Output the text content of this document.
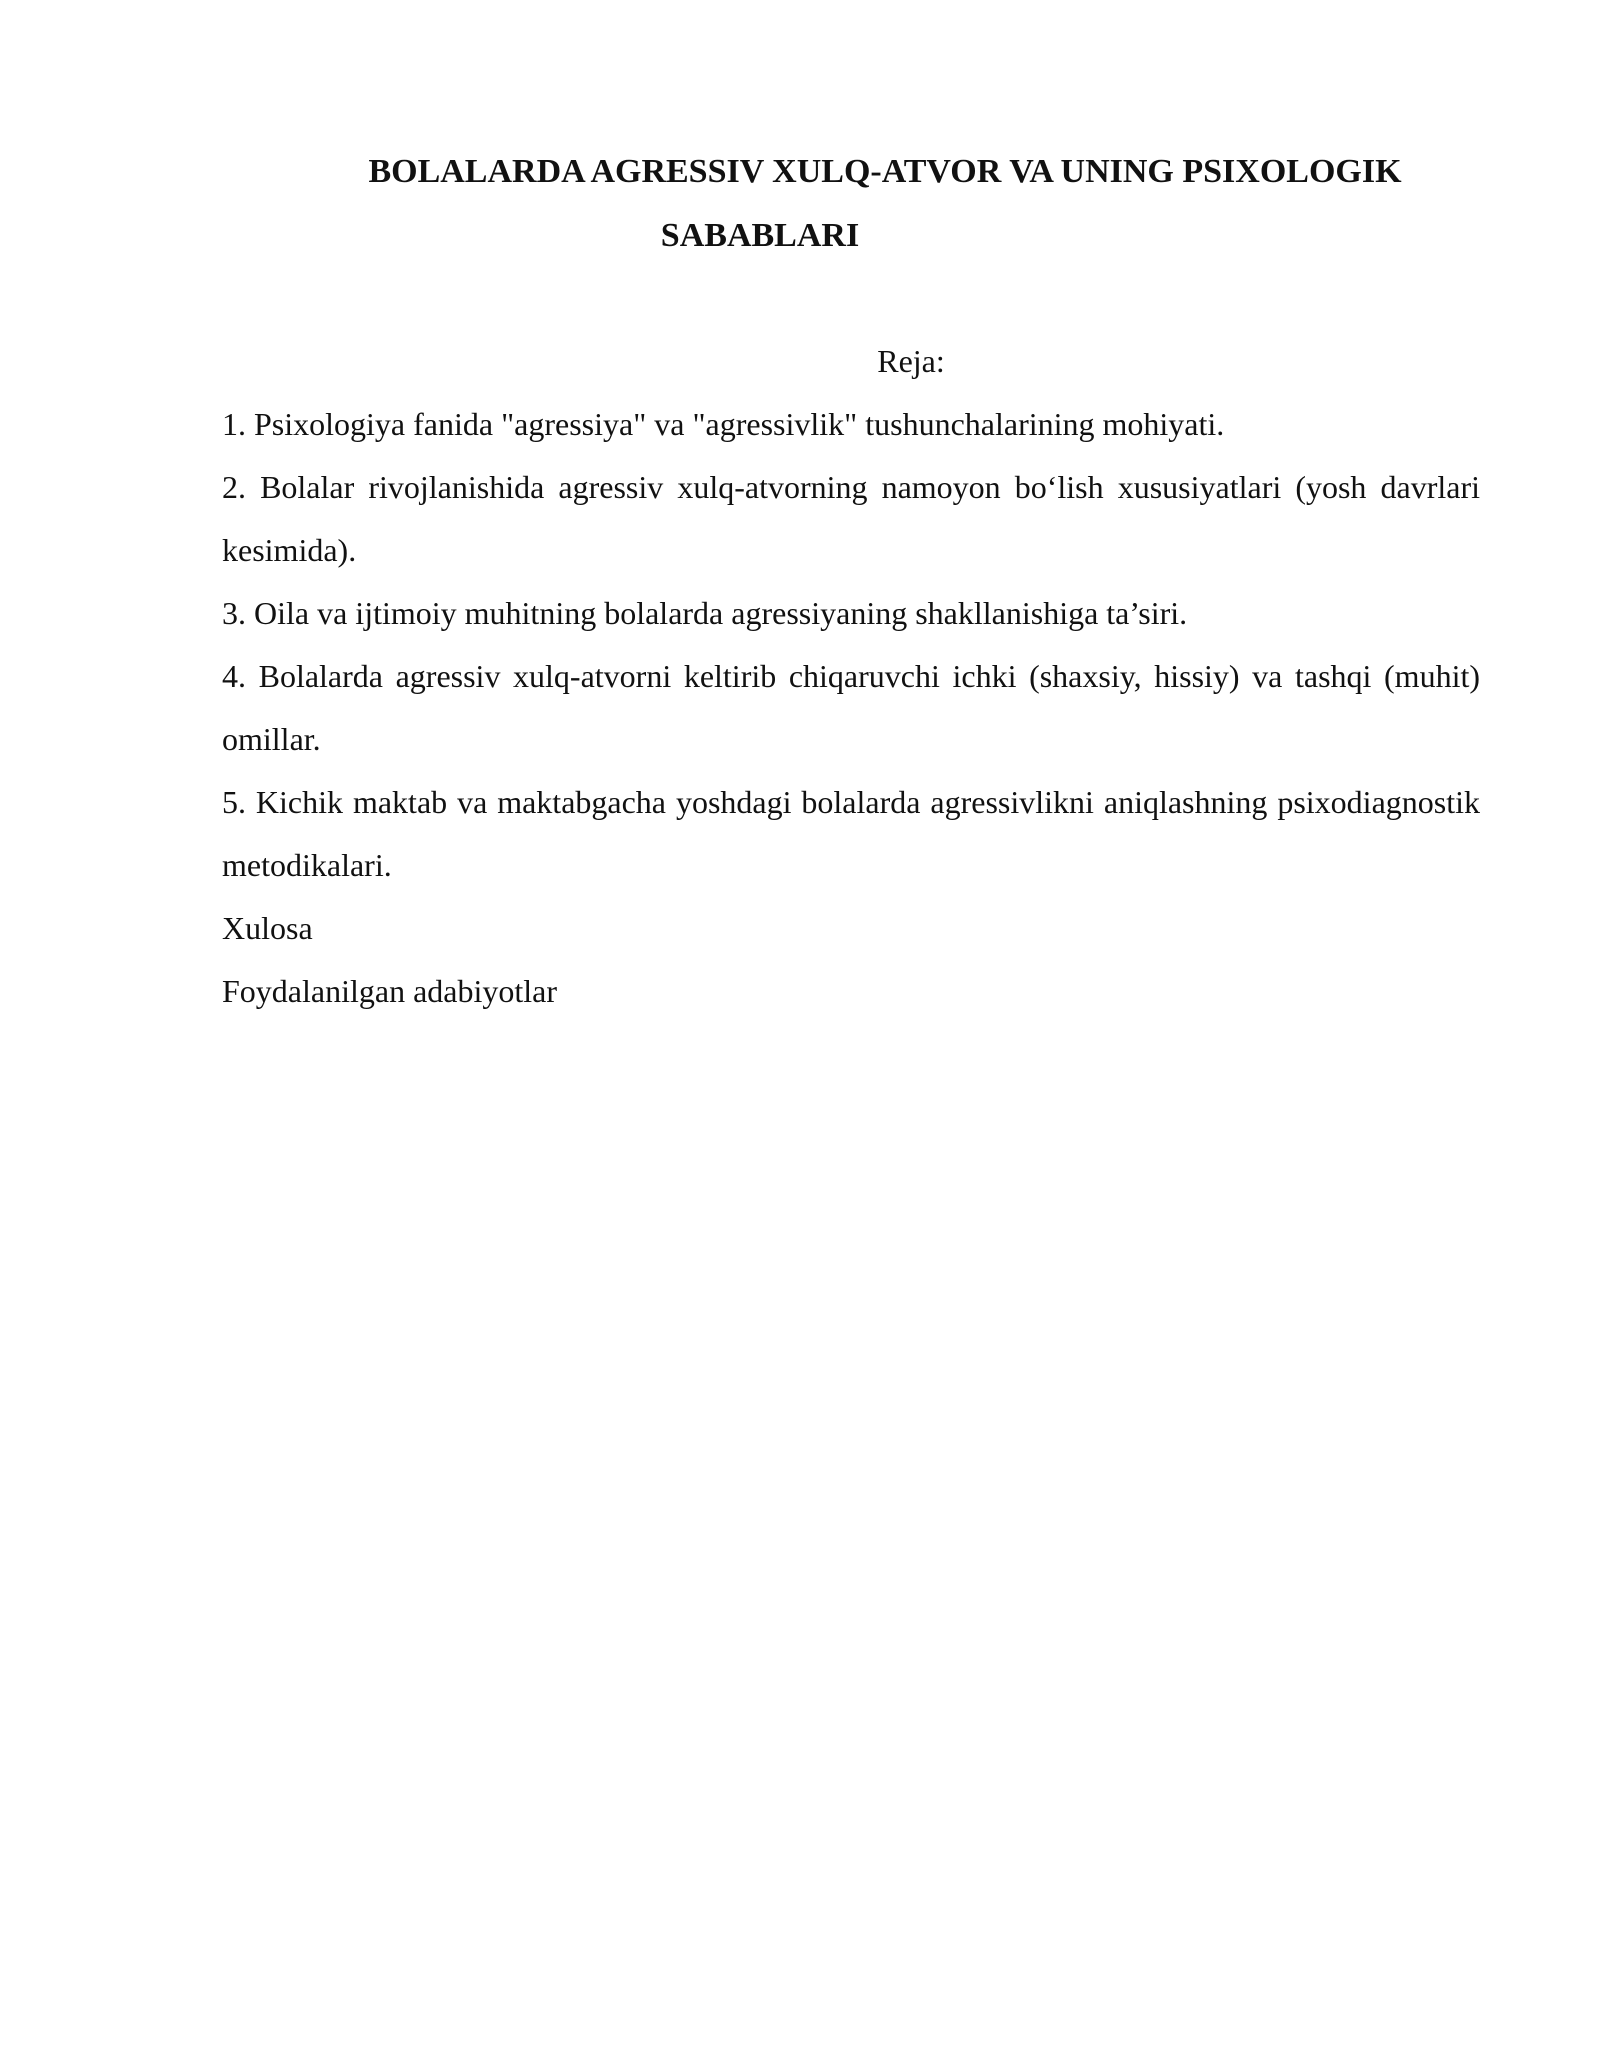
BOLALARDA AGRESSIV XULQ-ATVOR VA UNING PSIXOLOGIK
SABABLARI

Reja:

1. Psixologiya fanida "agressiya" va "agressivlik" tushunchalarining mohiyati.

2. Bolalar rivojlanishida agressiv xulq-atvorning namoyon bo‘lish xususiyatlari (yosh davrlari kesimida).

3. Oila va ijtimoiy muhitning bolalarda agressiyaning shakllanishiga ta’siri.

4. Bolalarda agressiv xulq-atvorni keltirib chiqaruvchi ichki (shaxsiy, hissiy) va tashqi (muhit) omillar.

5. Kichik maktab va maktabgacha yoshdagi bolalarda agressivlikni aniqlashning psixodiagnostik metodikalari.

Xulosa

Foydalanilgan adabiyotlar
